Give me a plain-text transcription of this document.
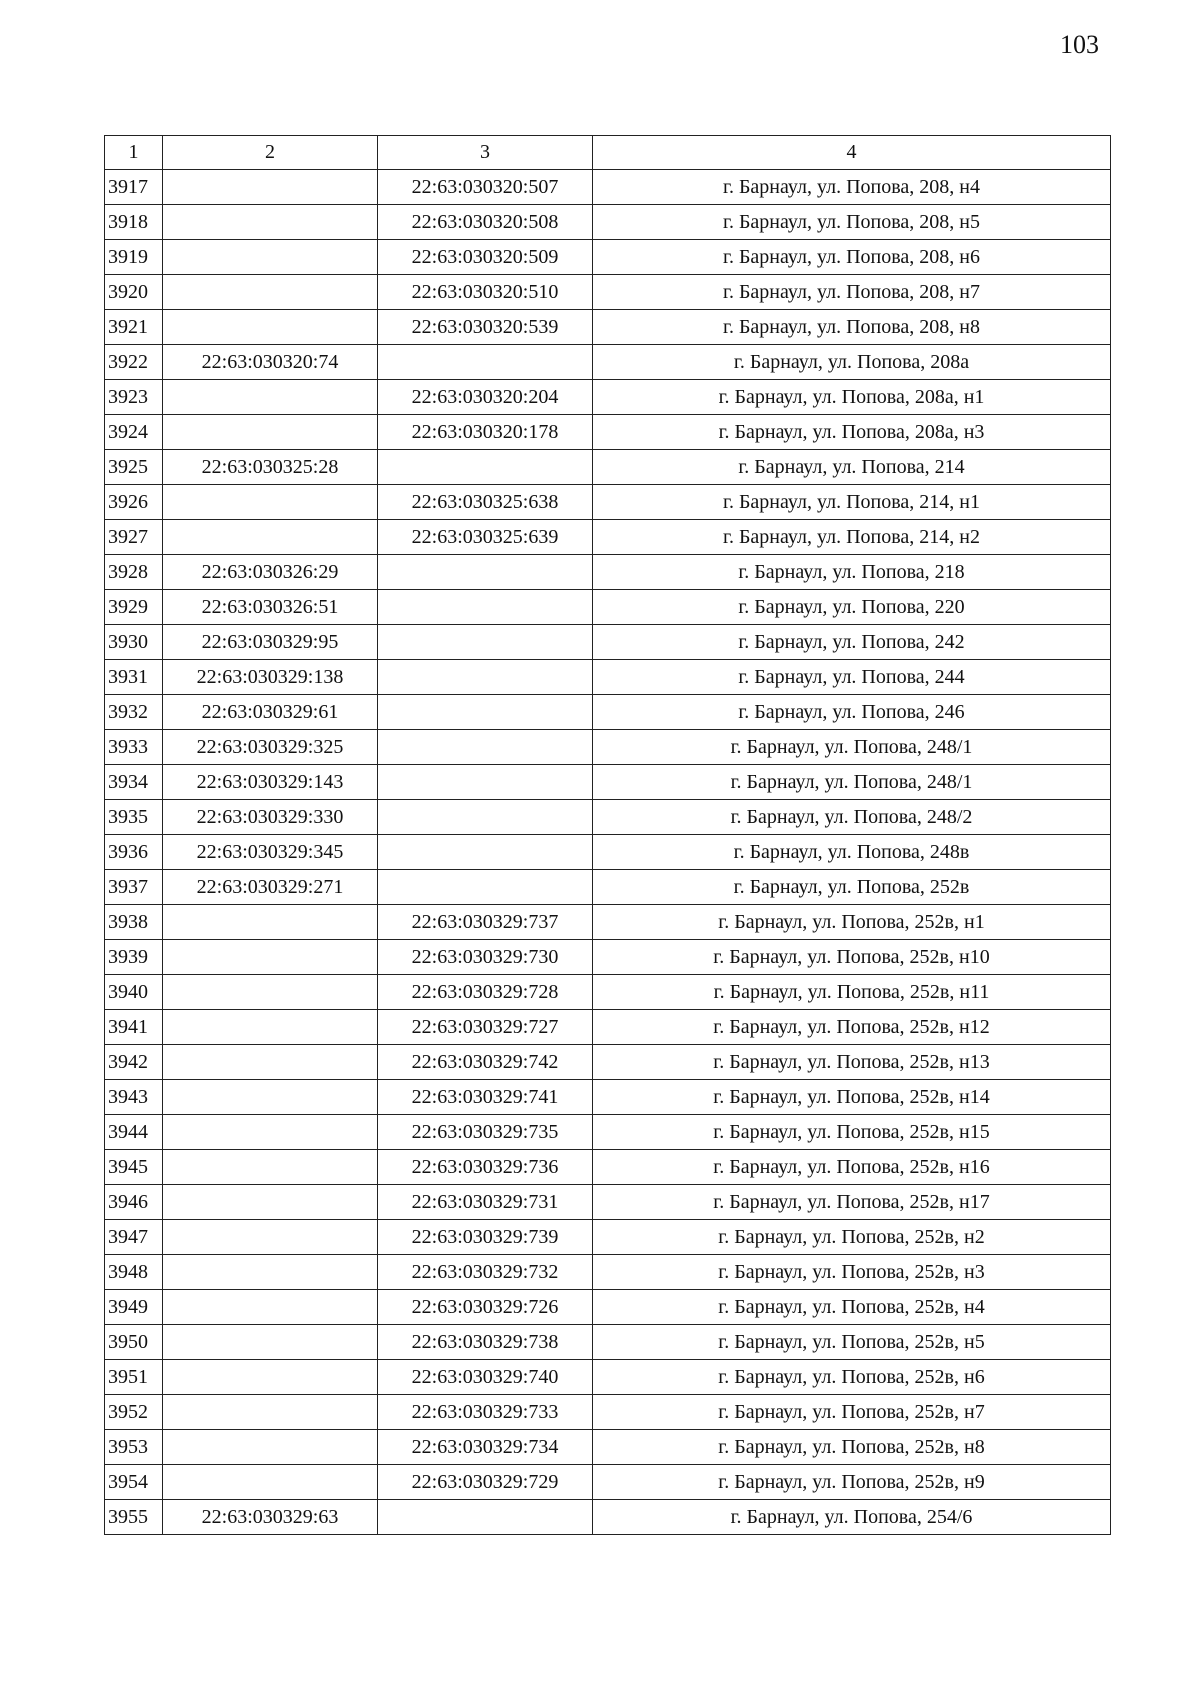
103
1	2	3	4
3917		22:63:030320:507	г. Барнаул, ул. Попова, 208, н4
3918		22:63:030320:508	г. Барнаул, ул. Попова, 208, н5
3919		22:63:030320:509	г. Барнаул, ул. Попова, 208, н6
3920		22:63:030320:510	г. Барнаул, ул. Попова, 208, н7
3921		22:63:030320:539	г. Барнаул, ул. Попова, 208, н8
3922	22:63:030320:74		г. Барнаул, ул. Попова, 208а
3923		22:63:030320:204	г. Барнаул, ул. Попова, 208а, н1
3924		22:63:030320:178	г. Барнаул, ул. Попова, 208а, н3
3925	22:63:030325:28		г. Барнаул, ул. Попова, 214
3926		22:63:030325:638	г. Барнаул, ул. Попова, 214, н1
3927		22:63:030325:639	г. Барнаул, ул. Попова, 214, н2
3928	22:63:030326:29		г. Барнаул, ул. Попова, 218
3929	22:63:030326:51		г. Барнаул, ул. Попова, 220
3930	22:63:030329:95		г. Барнаул, ул. Попова, 242
3931	22:63:030329:138		г. Барнаул, ул. Попова, 244
3932	22:63:030329:61		г. Барнаул, ул. Попова, 246
3933	22:63:030329:325		г. Барнаул, ул. Попова, 248/1
3934	22:63:030329:143		г. Барнаул, ул. Попова, 248/1
3935	22:63:030329:330		г. Барнаул, ул. Попова, 248/2
3936	22:63:030329:345		г. Барнаул, ул. Попова, 248в
3937	22:63:030329:271		г. Барнаул, ул. Попова, 252в
3938		22:63:030329:737	г. Барнаул, ул. Попова, 252в, н1
3939		22:63:030329:730	г. Барнаул, ул. Попова, 252в, н10
3940		22:63:030329:728	г. Барнаул, ул. Попова, 252в, н11
3941		22:63:030329:727	г. Барнаул, ул. Попова, 252в, н12
3942		22:63:030329:742	г. Барнаул, ул. Попова, 252в, н13
3943		22:63:030329:741	г. Барнаул, ул. Попова, 252в, н14
3944		22:63:030329:735	г. Барнаул, ул. Попова, 252в, н15
3945		22:63:030329:736	г. Барнаул, ул. Попова, 252в, н16
3946		22:63:030329:731	г. Барнаул, ул. Попова, 252в, н17
3947		22:63:030329:739	г. Барнаул, ул. Попова, 252в, н2
3948		22:63:030329:732	г. Барнаул, ул. Попова, 252в, н3
3949		22:63:030329:726	г. Барнаул, ул. Попова, 252в, н4
3950		22:63:030329:738	г. Барнаул, ул. Попова, 252в, н5
3951		22:63:030329:740	г. Барнаул, ул. Попова, 252в, н6
3952		22:63:030329:733	г. Барнаул, ул. Попова, 252в, н7
3953		22:63:030329:734	г. Барнаул, ул. Попова, 252в, н8
3954		22:63:030329:729	г. Барнаул, ул. Попова, 252в, н9
3955	22:63:030329:63		г. Барнаул, ул. Попова, 254/6
